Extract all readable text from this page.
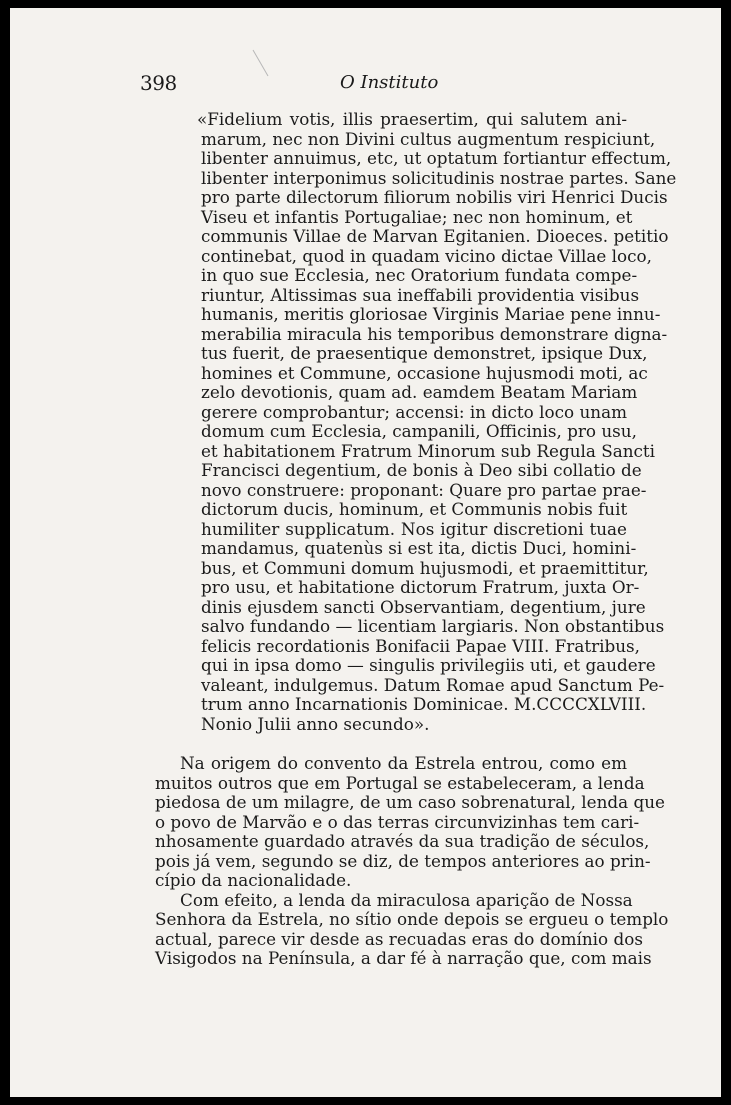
398	O Instituto
«Fidelium votis, illis praesertim, qui salutem ani-
marum, nec non Divini cultus augmentum respiciunt,
libenter annuimus, etc, ut optatum fortiantur effectum,
libenter interponimus solicitudinis nostrae partes. Sane
pro parte dilectorum filiorum nobilis viri Henrici Ducis
Viseu et infantis Portugaliae; nec non hominum, et
communis Villae de Marvan Egitanien. Dioeces. petitio
continebat, quod in quadam vicino dictae Villae loco,
in quo sue Ecclesia, nec Oratorium fundata compe-
riuntur, Altissimas sua ineffabili providentia visibus
humanis, meritis gloriosae Virginis Mariae pene innu-
merabilia miracula his temporibus demonstrare digna-
tus fuerit, de praesentique demonstret, ipsique Dux,
homines et Commune, occasione hujusmodi moti, ac
zelo devotionis, quam ad. eamdem Beatam Mariam
gerere comprobantur; accensi: in dicto loco unam
domum cum Ecclesia, campanili, Officinis, pro usu,
et habitationem Fratrum Minorum sub Regula Sancti
Francisci degentium, de bonis à Deo sibi collatio de
novo construere: proponant: Quare pro partae prae-
dictorum ducis, hominum, et Communis nobis fuit
humiliter supplicatum. Nos igitur discretioni tuae
mandamus, quatenùs si est ita, dictis Duci, homini-
bus, et Communi domum hujusmodi, et praemittitur,
pro usu, et habitatione dictorum Fratrum, juxta Or-
dinis ejusdem sancti Observantiam, degentium, jure
salvo fundando — licentiam largiaris. Non obstantibus
felicis recordationis Bonifacii Papae VIII. Fratribus,
qui in ipsa domo — singulis privilegiis uti, et gaudere
valeant, indulgemus. Datum Romae apud Sanctum Pe-
trum anno Incarnationis Dominicae. M.CCCCXLVIII.
Nonio Julii anno secundo».
Na origem do convento da Estrela entrou, como em
muitos outros que em Portugal se estabeleceram, a lenda
piedosa de um milagre, de um caso sobrenatural, lenda que
o povo de Marvão e o das terras circunvizinhas tem cari-
nhosamente guardado através da sua tradição de séculos,
pois já vem, segundo se diz, de tempos anteriores ao prin-
cípio da nacionalidade.
Com efeito, a lenda da miraculosa aparição de Nossa
Senhora da Estrela, no sítio onde depois se ergueu o templo
actual, parece vir desde as recuadas eras do domínio dos
Visigodos na Península, a dar fé à narração que, com mais
